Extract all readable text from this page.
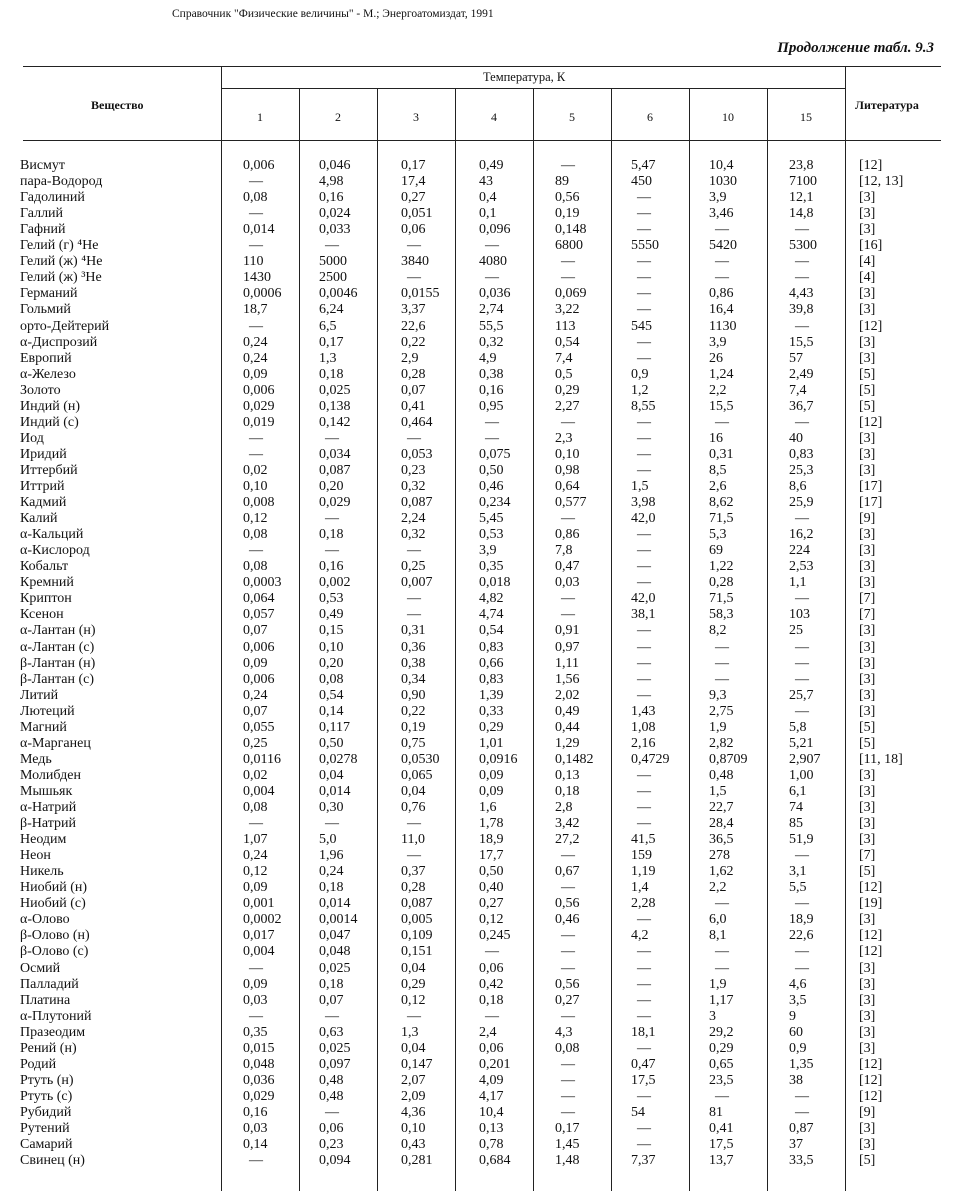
Справочник "Физические величины" - М.; Энергоатомиздат, 1991
Продолжение табл. 9.3
Вещество
Температура, К
Литература
1	2	3	4	5	6	10	15
Висмут	0,006	0,046	0,17	0,49	—	5,47	10,4	23,8	[12]
пара-Водород	—	4,98	17,4	43	89	450	1030	7100	[12, 13]
Гадолиний	0,08	0,16	0,27	0,4	0,56	—	3,9	12,1	[3]
Галлий	—	0,024	0,051	0,1	0,19	—	3,46	14,8	[3]
Гафний	0,014	0,033	0,06	0,096	0,148	—	—	—	[3]
Гелий (г) ⁴He	—	—	—	—	6800	5550	5420	5300	[16]
Гелий (ж) ⁴He	110	5000	3840	4080	—	—	—	—	[4]
Гелий (ж) ³He	1430	2500	—	—	—	—	—	—	[4]
Германий	0,0006	0,0046	0,0155	0,036	0,069	—	0,86	4,43	[3]
Гольмий	18,7	6,24	3,37	2,74	3,22	—	16,4	39,8	[3]
орто-Дейтерий	—	6,5	22,6	55,5	113	545	1130	—	[12]
α-Диспрозий	0,24	0,17	0,22	0,32	0,54	—	3,9	15,5	[3]
Европий	0,24	1,3	2,9	4,9	7,4	—	26	57	[3]
α-Железо	0,09	0,18	0,28	0,38	0,5	0,9	1,24	2,49	[5]
Золото	0,006	0,025	0,07	0,16	0,29	1,2	2,2	7,4	[5]
Индий (н)	0,029	0,138	0,41	0,95	2,27	8,55	15,5	36,7	[5]
Индий (с)	0,019	0,142	0,464	—	—	—	—	—	[12]
Иод	—	—	—	—	2,3	—	16	40	[3]
Иридий	—	0,034	0,053	0,075	0,10	—	0,31	0,83	[3]
Иттербий	0,02	0,087	0,23	0,50	0,98	—	8,5	25,3	[3]
Иттрий	0,10	0,20	0,32	0,46	0,64	1,5	2,6	8,6	[17]
Кадмий	0,008	0,029	0,087	0,234	0,577	3,98	8,62	25,9	[17]
Калий	0,12	—	2,24	5,45	—	42,0	71,5	—	[9]
α-Кальций	0,08	0,18	0,32	0,53	0,86	—	5,3	16,2	[3]
α-Кислород	—	—	—	3,9	7,8	—	69	224	[3]
Кобальт	0,08	0,16	0,25	0,35	0,47	—	1,22	2,53	[3]
Кремний	0,0003	0,002	0,007	0,018	0,03	—	0,28	1,1	[3]
Криптон	0,064	0,53	—	4,82	—	42,0	71,5	—	[7]
Ксенон	0,057	0,49	—	4,74	—	38,1	58,3	103	[7]
α-Лантан (н)	0,07	0,15	0,31	0,54	0,91	—	8,2	25	[3]
α-Лантан (с)	0,006	0,10	0,36	0,83	0,97	—	—	—	[3]
β-Лантан (н)	0,09	0,20	0,38	0,66	1,11	—	—	—	[3]
β-Лантан (с)	0,006	0,08	0,34	0,83	1,56	—	—	—	[3]
Литий	0,24	0,54	0,90	1,39	2,02	—	9,3	25,7	[3]
Лютеций	0,07	0,14	0,22	0,33	0,49	1,43	2,75	—	[3]
Магний	0,055	0,117	0,19	0,29	0,44	1,08	1,9	5,8	[5]
α-Марганец	0,25	0,50	0,75	1,01	1,29	2,16	2,82	5,21	[5]
Медь	0,0116	0,0278	0,0530	0,0916	0,1482	0,4729	0,8709	2,907	[11, 18]
Молибден	0,02	0,04	0,065	0,09	0,13	—	0,48	1,00	[3]
Мышьяк	0,004	0,014	0,04	0,09	0,18	—	1,5	6,1	[3]
α-Натрий	0,08	0,30	0,76	1,6	2,8	—	22,7	74	[3]
β-Натрий	—	—	—	1,78	3,42	—	28,4	85	[3]
Неодим	1,07	5,0	11,0	18,9	27,2	41,5	36,5	51,9	[3]
Неон	0,24	1,96	—	17,7	—	159	278	—	[7]
Никель	0,12	0,24	0,37	0,50	0,67	1,19	1,62	3,1	[5]
Ниобий (н)	0,09	0,18	0,28	0,40	—	1,4	2,2	5,5	[12]
Ниобий (с)	0,001	0,014	0,087	0,27	0,56	2,28	—	—	[19]
α-Олово	0,0002	0,0014	0,005	0,12	0,46	—	6,0	18,9	[3]
β-Олово (н)	0,017	0,047	0,109	0,245	—	4,2	8,1	22,6	[12]
β-Олово (с)	0,004	0,048	0,151	—	—	—	—	—	[12]
Осмий	—	0,025	0,04	0,06	—	—	—	—	[3]
Палладий	0,09	0,18	0,29	0,42	0,56	—	1,9	4,6	[3]
Платина	0,03	0,07	0,12	0,18	0,27	—	1,17	3,5	[3]
α-Плутоний	—	—	—	—	—	—	3	9	[3]
Празеодим	0,35	0,63	1,3	2,4	4,3	18,1	29,2	60	[3]
Рений (н)	0,015	0,025	0,04	0,06	0,08	—	0,29	0,9	[3]
Родий	0,048	0,097	0,147	0,201	—	0,47	0,65	1,35	[12]
Ртуть (н)	0,036	0,48	2,07	4,09	—	17,5	23,5	38	[12]
Ртуть (с)	0,029	0,48	2,09	4,17	—	—	—	—	[12]
Рубидий	0,16	—	4,36	10,4	—	54	81	—	[9]
Рутений	0,03	0,06	0,10	0,13	0,17	—	0,41	0,87	[3]
Самарий	0,14	0,23	0,43	0,78	1,45	—	17,5	37	[3]
Свинец (н)	—	0,094	0,281	0,684	1,48	7,37	13,7	33,5	[5]
